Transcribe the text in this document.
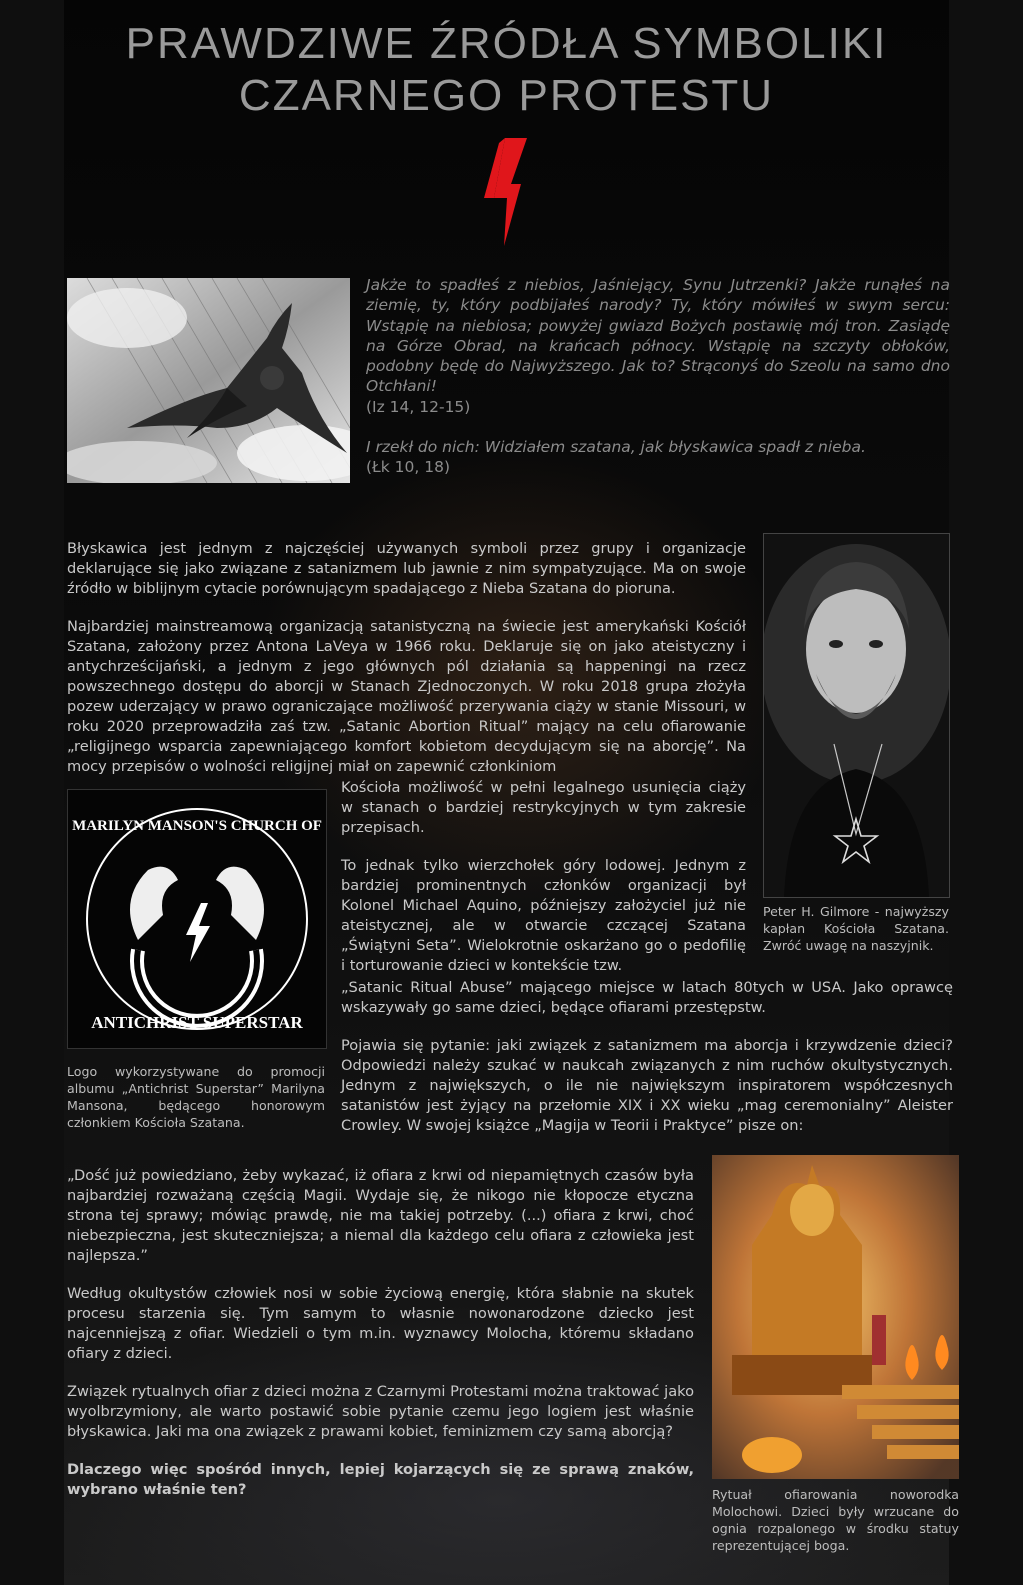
PRAWDZIWE ŹRÓDŁA SYMBOLIKI
CZARNEGO PROTESTU
Jakże to spadłeś z niebios, Jaśniejący, Synu Jutrzenki? Jakże runąłeś na ziemię, ty, który podbijałeś narody? Ty, który mówiłeś w swym sercu: Wstąpię na niebiosa; powyżej gwiazd Bożych postawię mój tron. Zasiądę na Górze Obrad, na krańcach północy. Wstąpię na szczyty obłoków, podobny będę do Najwyższego. Jak to? Strąconyś do Szeolu na samo dno Otchłani!
(Iz 14, 12-15)
I rzekł do nich: Widziałem szatana, jak błyskawica spadł z nieba.
(Łk 10, 18)

Peter H. Gilmore - najwyższy kapłan Kościoła Szatana. Zwróć uwagę na naszyjnik.

Błyskawica jest jednym z najczęściej używanych symboli przez grupy i organizacje deklarujące się jako związane z satanizmem lub jawnie z nim sympatyzujące. Ma on swoje źródło w biblijnym cytacie porównującym spadającego z Nieba Szatana do pioruna.

Najbardziej mainstreamową organizacją satanistyczną na świecie jest amerykański Kościół Szatana, założony przez Antona LaVeya w 1966 roku. Deklaruje się on jako ateistyczny i antychrześcijański, a jednym z jego głównych pól działania są happeningi na rzecz powszechnego dostępu do aborcji w Stanach Zjednoczonych. W roku 2018 grupa złożyła pozew uderzający w prawo ograniczające możliwość przerywania ciąży w stanie Missouri, w roku 2020 przeprowadziła zaś tzw. „Satanic Abortion Ritual” mający na celu ofiarowanie „religijnego wsparcia zapewniającego komfort kobietom decydującym się na aborcję”. Na mocy przepisów o wolności religijnej miał on zapewnić członkiniom

MARILYN MANSON'S CHURCH OF
ANTICHRIST SUPERSTAR

Logo wykorzystywane do promocji albumu „Antichrist Superstar” Marilyna Mansona, będącego honorowym członkiem Kościoła Szatana.

Kościoła możliwość w pełni legalnego usunięcia ciąży w stanach o bardziej restrykcyjnych w tym zakresie przepisach.

To jednak tylko wierzchołek góry lodowej. Jednym z bardziej prominentnych członków organizacji był Kolonel Michael Aquino, późniejszy założyciel już nie ateistycznej, ale w otwarcie czczącej Szatana „Świątyni Seta”. Wielokrotnie oskarżano go o pedofilię i torturowanie dzieci w kontekście tzw.

„Satanic Ritual Abuse” mającego miejsce w latach 80tych w USA. Jako oprawcę wskazywały go same dzieci, będące ofiarami przestępstw.

Pojawia się pytanie: jaki związek z satanizmem ma aborcja i krzywdzenie dzieci? Odpowiedzi należy szukać w naukcah związanych z nim ruchów okultystycznych. Jednym z największych, o ile nie największym inspiratorem współczesnych satanistów jest żyjący na przełomie XIX i XX wieku „mag ceremonialny” Aleister Crowley. W swojej książce „Magija w Teorii i Praktyce” pisze on:

Rytuał ofiarowania noworodka Molochowi. Dzieci były wrzucane do ognia rozpalonego w środku statuy reprezentującej boga.

„Dość już powiedziano, żeby wykazać, iż ofiara z krwi od niepamiętnych czasów była najbardziej rozważaną częścią Magii. Wydaje się, że nikogo nie kłopocze etyczna strona tej sprawy; mówiąc prawdę, nie ma takiej potrzeby. (...) ofiara z krwi, choć niebezpieczna, jest skuteczniejsza; a niemal dla każdego celu ofiara z człowieka jest najlepsza.”

Według okultystów człowiek nosi w sobie życiową energię, która słabnie na skutek procesu starzenia się. Tym samym to własnie nowonarodzone dziecko jest najcenniejszą z ofiar. Wiedzieli o tym m.in. wyznawcy Molocha, któremu składano ofiary z dzieci.

Związek rytualnych ofiar z dzieci można z Czarnymi Protestami można traktować jako wyolbrzymiony, ale warto postawić sobie pytanie czemu jego logiem jest właśnie błyskawica. Jaki ma ona związek z prawami kobiet, feminizmem czy samą aborcją?

Dlaczego więc spośród innych, lepiej kojarzących się ze sprawą znaków, wybrano właśnie ten?
